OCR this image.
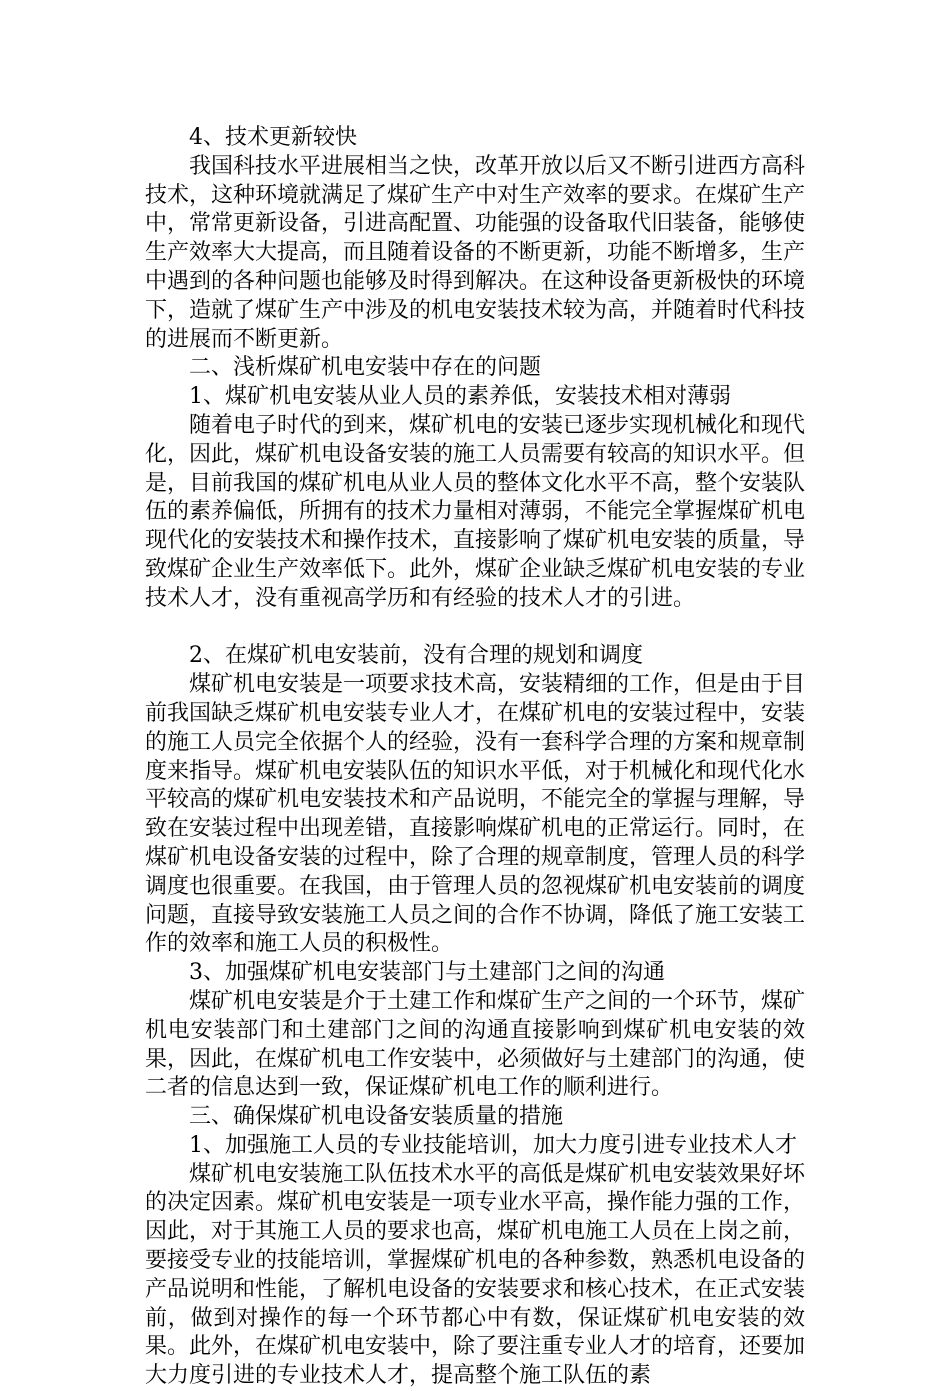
4、技术更新较快

我国科技水平进展相当之快，改革开放以后又不断引进西方高科技术，这种环境就满足了煤矿生产中对生产效率的要求。在煤矿生产中，常常更新设备，引进高配置、功能强的设备取代旧装备，能够使生产效率大大提高，而且随着设备的不断更新，功能不断增多，生产中遇到的各种问题也能够及时得到解决。在这种设备更新极快的环境下，造就了煤矿生产中涉及的机电安装技术较为高，并随着时代科技的进展而不断更新。

二、浅析煤矿机电安装中存在的问题

1、煤矿机电安装从业人员的素养低，安装技术相对薄弱

随着电子时代的到来，煤矿机电的安装已逐步实现机械化和现代化，因此，煤矿机电设备安装的施工人员需要有较高的知识水平。但是，目前我国的煤矿机电从业人员的整体文化水平不高，整个安装队伍的素养偏低，所拥有的技术力量相对薄弱，不能完全掌握煤矿机电现代化的安装技术和操作技术，直接影响了煤矿机电安装的质量，导致煤矿企业生产效率低下。此外，煤矿企业缺乏煤矿机电安装的专业技术人才，没有重视高学历和有经验的技术人才的引进。

2、在煤矿机电安装前，没有合理的规划和调度

煤矿机电安装是一项要求技术高，安装精细的工作，但是由于目前我国缺乏煤矿机电安装专业人才，在煤矿机电的安装过程中，安装的施工人员完全依据个人的经验，没有一套科学合理的方案和规章制度来指导。煤矿机电安装队伍的知识水平低，对于机械化和现代化水平较高的煤矿机电安装技术和产品说明，不能完全的掌握与理解，导致在安装过程中出现差错，直接影响煤矿机电的正常运行。同时，在煤矿机电设备安装的过程中，除了合理的规章制度，管理人员的科学调度也很重要。在我国，由于管理人员的忽视煤矿机电安装前的调度问题，直接导致安装施工人员之间的合作不协调，降低了施工安装工作的效率和施工人员的积极性。

3、加强煤矿机电安装部门与土建部门之间的沟通

煤矿机电安装是介于土建工作和煤矿生产之间的一个环节，煤矿机电安装部门和土建部门之间的沟通直接影响到煤矿机电安装的效果，因此，在煤矿机电工作安装中，必须做好与土建部门的沟通，使二者的信息达到一致，保证煤矿机电工作的顺利进行。

三、确保煤矿机电设备安装质量的措施

1、加强施工人员的专业技能培训，加大力度引进专业技术人才

煤矿机电安装施工队伍技术水平的高低是煤矿机电安装效果好坏的决定因素。煤矿机电安装是一项专业水平高，操作能力强的工作，因此，对于其施工人员的要求也高，煤矿机电施工人员在上岗之前，要接受专业的技能培训，掌握煤矿机电的各种参数，熟悉机电设备的产品说明和性能，了解机电设备的安装要求和核心技术，在正式安装前，做到对操作的每一个环节都心中有数，保证煤矿机电安装的效果。此外，在煤矿机电安装中，除了要注重专业人才的培育，还要加大力度引进的专业技术人才，提高整个施工队伍的素
